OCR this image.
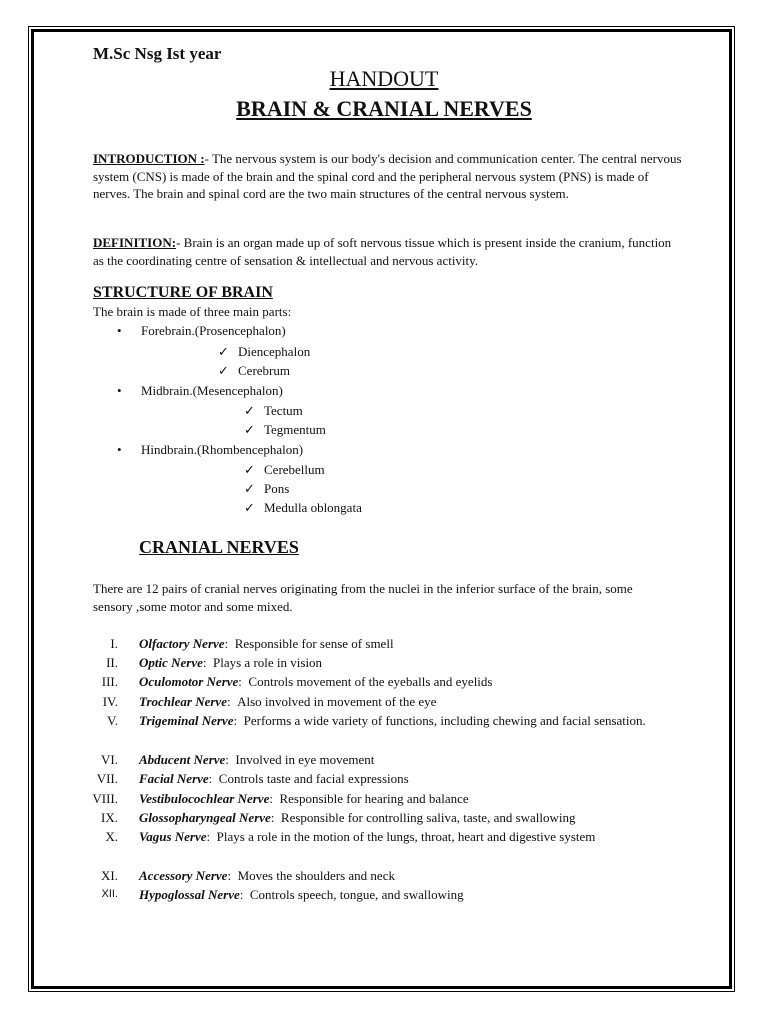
M.Sc Nsg Ist year
HANDOUT
BRAIN & CRANIAL NERVES
INTRODUCTION :- The nervous system is our body's decision and communication center. The central nervous system (CNS) is made of the brain and the spinal cord and the peripheral nervous system (PNS) is made of nerves. The brain and spinal cord are the two main structures of the central nervous system.
DEFINITION:- Brain is an organ made up of soft nervous tissue which is present inside the cranium, function as the coordinating centre of sensation & intellectual and nervous activity.
STRUCTURE OF BRAIN
The brain is made of three main parts:
• Forebrain.(Prosencephalon)
✓ Diencephalon
✓ Cerebrum
• Midbrain.(Mesencephalon)
✓ Tectum
✓ Tegmentum
• Hindbrain.(Rhombencephalon)
✓ Cerebellum
✓ Pons
✓ Medulla oblongata
CRANIAL NERVES
There are 12 pairs of cranial nerves originating from the nuclei in the inferior surface of the brain, some sensory ,some motor and some mixed.
I. Olfactory Nerve: Responsible for sense of smell
II. Optic Nerve: Plays a role in vision
III. Oculomotor Nerve: Controls movement of the eyeballs and eyelids
IV. Trochlear Nerve: Also involved in movement of the eye
V. Trigeminal Nerve: Performs a wide variety of functions, including chewing and facial sensation.
VI. Abducent Nerve: Involved in eye movement
VII. Facial Nerve: Controls taste and facial expressions
VIII. Vestibulocochlear Nerve: Responsible for hearing and balance
IX. Glossopharyngeal Nerve: Responsible for controlling saliva, taste, and swallowing
X. Vagus Nerve: Plays a role in the motion of the lungs, throat, heart and digestive system
XI. Accessory Nerve: Moves the shoulders and neck
XII. Hypoglossal Nerve: Controls speech, tongue, and swallowing
